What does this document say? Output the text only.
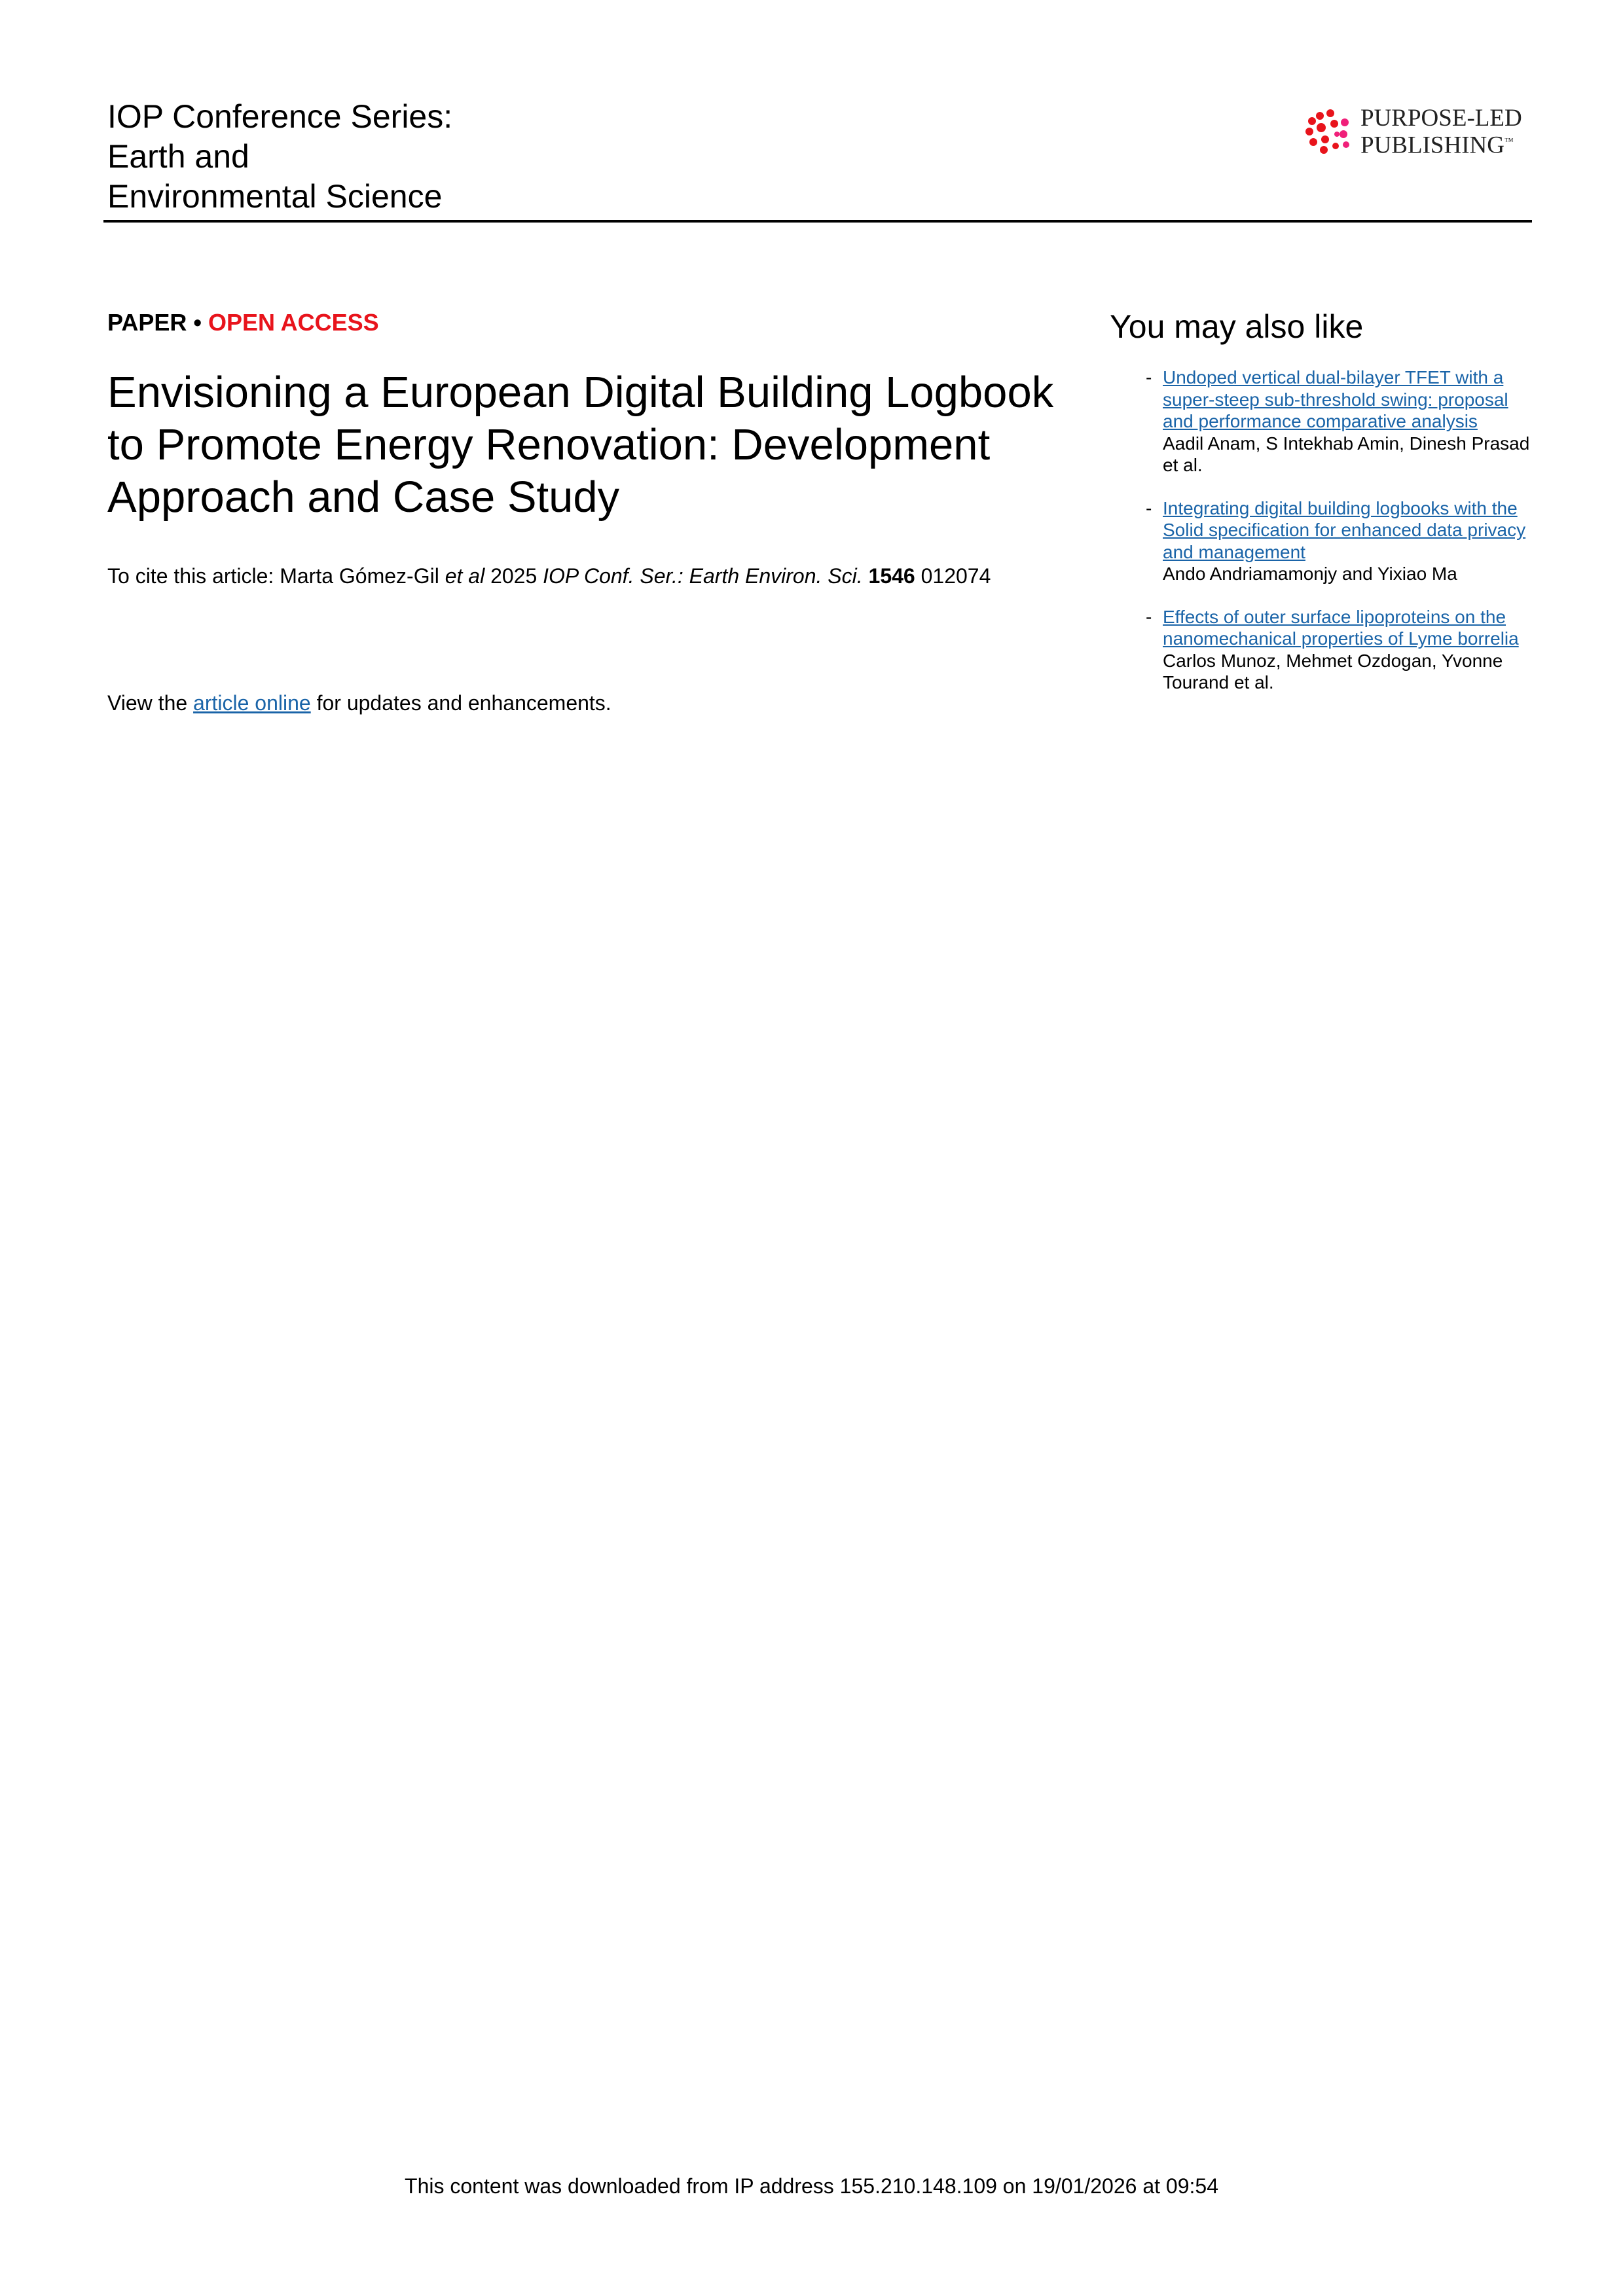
IOP Conference Series:
Earth and
Environmental Science
PURPOSE-LED
PUBLISHING™
PAPER • OPEN ACCESS
Envisioning a European Digital Building Logbook
to Promote Energy Renovation: Development
Approach and Case Study
To cite this article: Marta Gómez-Gil et al 2025 IOP Conf. Ser.: Earth Environ. Sci. 1546 012074
View the article online for updates and enhancements.
You may also like
- Undoped vertical dual-bilayer TFET with a super-steep sub-threshold swing: proposal and performance comparative analysis
Aadil Anam, S Intekhab Amin, Dinesh Prasad et al.
- Integrating digital building logbooks with the Solid specification for enhanced data privacy and management
Ando Andriamamonjy and Yixiao Ma
- Effects of outer surface lipoproteins on the nanomechanical properties of Lyme borrelia
Carlos Munoz, Mehmet Ozdogan, Yvonne Tourand et al.
This content was downloaded from IP address 155.210.148.109 on 19/01/2026 at 09:54
